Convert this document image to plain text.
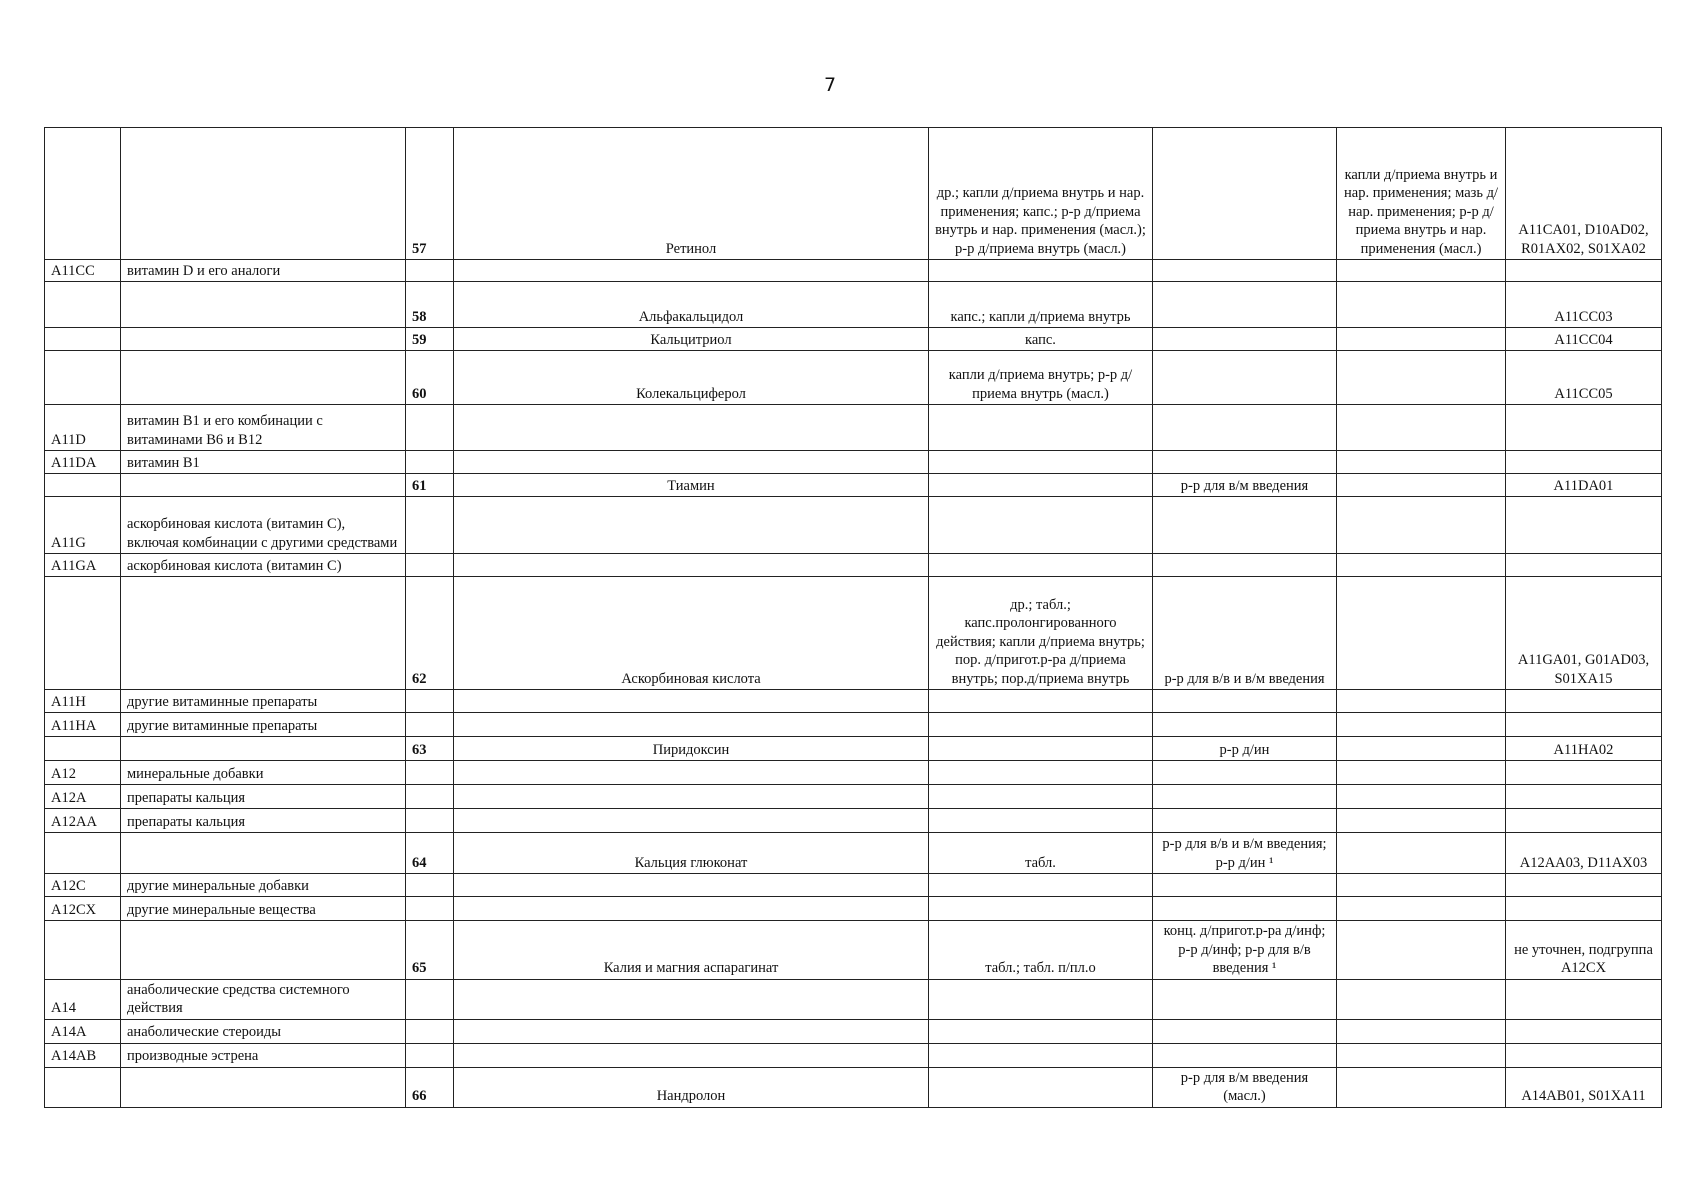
7
		57	Ретинол	др.; капли д/приема внутрь и нар. применения; капс.; р-р д/приема внутрь и нар. применения (масл.); р-р д/приема внутрь (масл.)		капли д/приема внутрь и нар. применения; мазь д/нар. применения; р-р д/приема внутрь и нар. применения (масл.)	A11CA01, D10AD02, R01AX02, S01XA02
A11CC	витамин D и его аналоги						
		58	Альфакальцидол	капс.; капли д/приема внутрь			A11CC03
		59	Кальцитриол	капс.			A11CC04
		60	Колекальциферол	капли д/приема внутрь; р-р д/приема внутрь (масл.)			A11CC05
A11D	витамин B1 и его комбинации с витаминами B6 и B12						
A11DA	витамин B1						
		61	Тиамин		р-р для в/м введения		A11DA01
A11G	аскорбиновая кислота (витамин С), включая комбинации с другими средствами						
A11GA	аскорбиновая кислота (витамин С)						
		62	Аскорбиновая кислота	др.; табл.; капс.пролонгированного действия; капли д/приема внутрь; пор. д/пригот.р-ра д/приема внутрь; пор.д/приема внутрь	р-р для в/в и в/м введения		A11GA01, G01AD03, S01XA15
A11H	другие витаминные препараты						
A11HA	другие витаминные препараты						
		63	Пиридоксин		р-р д/ин		A11HA02
A12	минеральные добавки						
A12A	препараты кальция						
A12AA	препараты кальция						
		64	Кальция глюконат	табл.	р-р для в/в и в/м введения; р-р д/ин ¹		A12AA03, D11AX03
A12C	другие минеральные добавки						
A12CX	другие минеральные вещества						
		65	Калия и магния аспарагинат	табл.; табл. п/пл.о	конц. д/пригот.р-ра д/инф; р-р д/инф; р-р для в/в введения ¹		не уточнен, подгруппа A12CX
A14	анаболические средства системного действия						
A14A	анаболические стероиды						
A14AB	производные эстрена						
		66	Нандролон		р-р для в/м введения (масл.)		A14AB01, S01XA11
